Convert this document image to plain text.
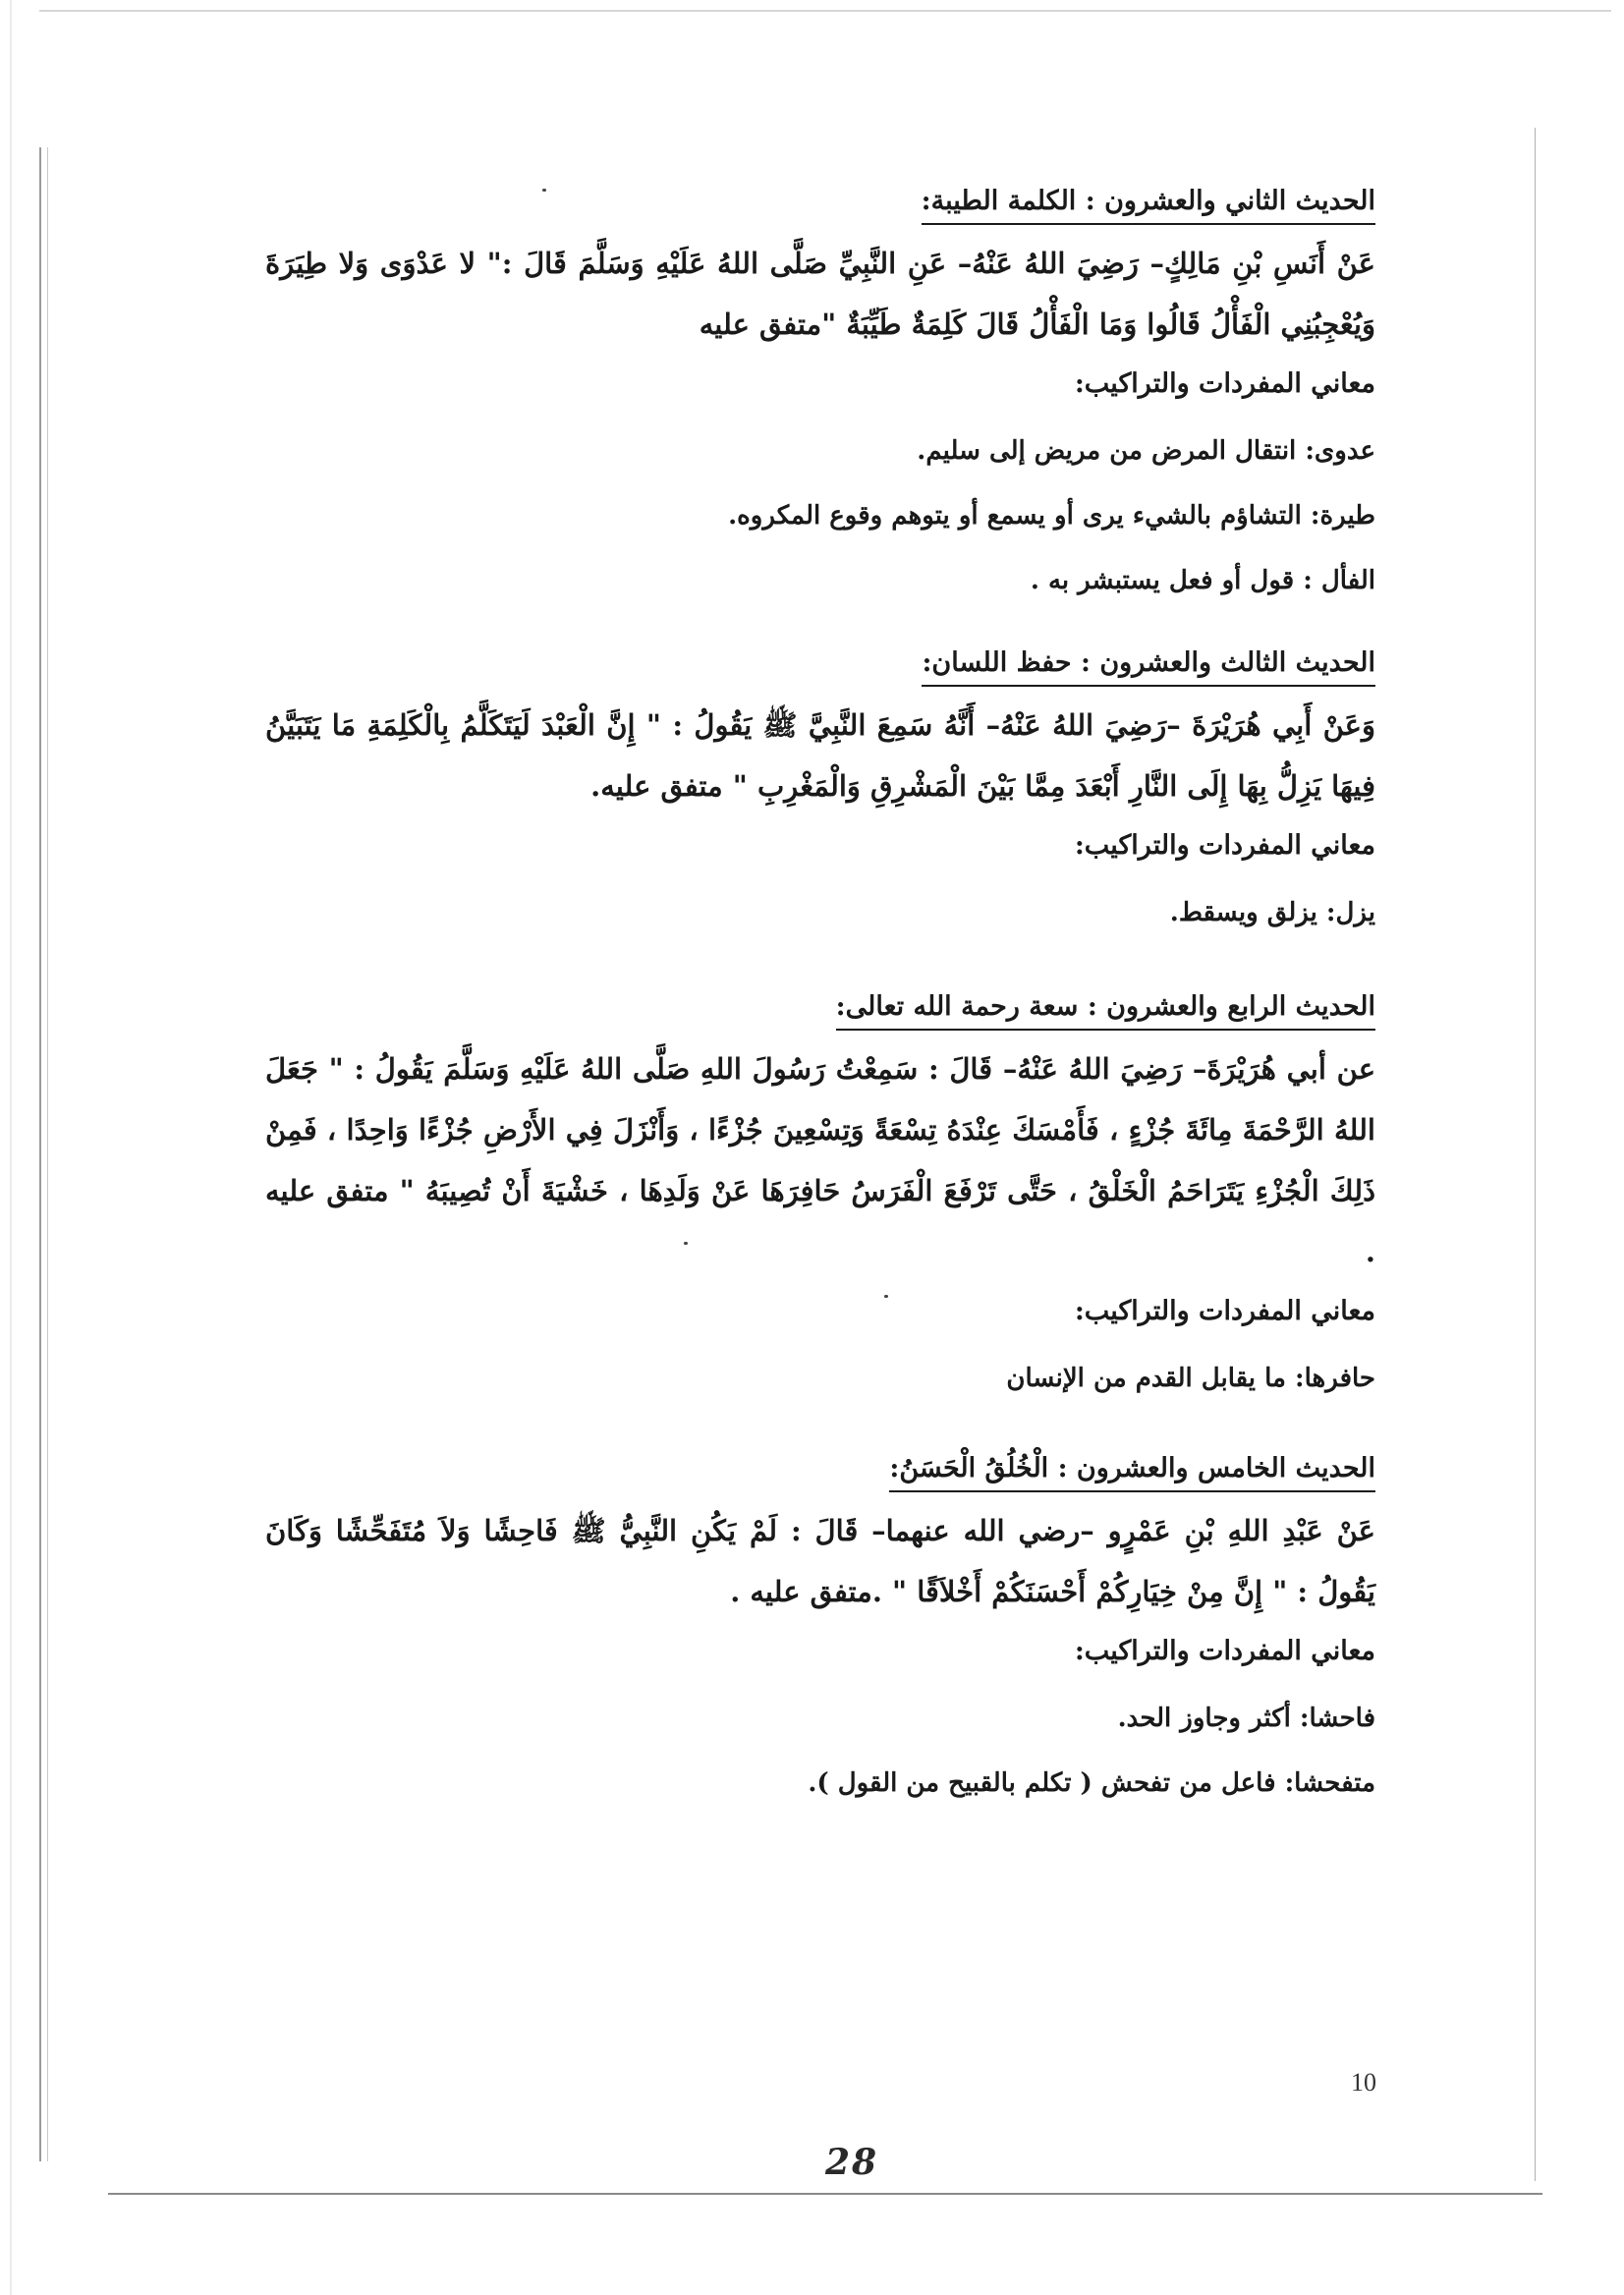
الحديث الثاني والعشرون : الكلمة الطيبة:
عَنْ أَنَسِ بْنِ مَالِكٍ– رَضِيَ اللهُ عَنْهُ– عَنِ النَّبِيِّ صَلَّى اللهُ عَلَيْهِ وَسَلَّمَ قَالَ :" لا عَدْوَى وَلا طِيَرَةَ وَيُعْجِبُنِي الْفَأْلُ قَالُوا وَمَا الْفَأْلُ قَالَ كَلِمَةٌ طَيِّبَةٌ "متفق عليه
معاني المفردات والتراكيب:
عدوى: انتقال المرض من مريض إلى سليم.
طيرة: التشاؤم بالشيء يرى أو يسمع أو يتوهم وقوع المكروه.
الفأل : قول أو فعل يستبشر به .
الحديث الثالث والعشرون : حفظ اللسان:
وَعَنْ أَبِي هُرَيْرَةَ –رَضِيَ اللهُ عَنْهُ– أَنَّهُ سَمِعَ النَّبِيَّ ﷺ يَقُولُ : " إِنَّ الْعَبْدَ لَيَتَكَلَّمُ بِالْكَلِمَةِ مَا يَتَبَيَّنُ فِيهَا يَزِلُّ بِهَا إِلَى النَّارِ أَبْعَدَ مِمَّا بَيْنَ الْمَشْرِقِ وَالْمَغْرِبِ " متفق عليه.
معاني المفردات والتراكيب:
يزل: يزلق ويسقط.
الحديث الرابع والعشرون : سعة رحمة الله تعالى:
عن أبي هُرَيْرَةَ– رَضِيَ اللهُ عَنْهُ– قَالَ : سَمِعْتُ رَسُولَ اللهِ صَلَّى اللهُ عَلَيْهِ وَسَلَّمَ يَقُولُ : " جَعَلَ اللهُ الرَّحْمَةَ مِائَةَ جُزْءٍ ، فَأَمْسَكَ عِنْدَهُ تِسْعَةً وَتِسْعِينَ جُزْءًا ، وَأَنْزَلَ فِي الأَرْضِ جُزْءًا وَاحِدًا ، فَمِنْ ذَلِكَ الْجُزْءِ يَتَرَاحَمُ الْخَلْقُ ، حَتَّى تَرْفَعَ الْفَرَسُ حَافِرَهَا عَنْ وَلَدِهَا ، خَشْيَةَ أَنْ تُصِيبَهُ " متفق عليه .
معاني المفردات والتراكيب:
حافرها: ما يقابل القدم من الإنسان
الحديث الخامس والعشرون : الْخُلُقُ الْحَسَنُ:
عَنْ عَبْدِ اللهِ بْنِ عَمْرٍو –رضي الله عنهما– قَالَ : لَمْ يَكُنِ النَّبِيُّ ﷺ فَاحِشًا وَلاَ مُتَفَحِّشًا وَكَانَ يَقُولُ : " إِنَّ مِنْ خِيَارِكُمْ أَحْسَنَكُمْ أَخْلاَقًا " .متفق عليه .
معاني المفردات والتراكيب:
فاحشا: أكثر وجاوز الحد.
متفحشا: فاعل من تفحش ( تكلم بالقبيح من القول ).
10
28
